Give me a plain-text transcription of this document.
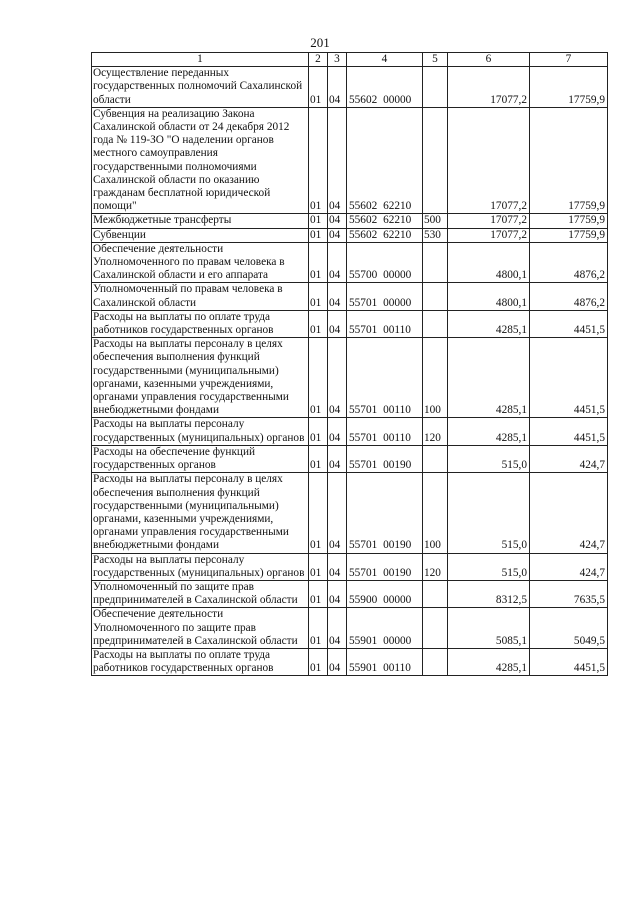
201
1	2	3	4	5	6	7
Осуществление переданных государственных полномочий Сахалинской области	01	04	55602 00000		17077,2	17759,9
Субвенция на реализацию Закона Сахалинской области от 24 декабря 2012 года № 119-ЗО "О наделении органов местного самоуправления государственными полномочиями Сахалинской области по оказанию гражданам бесплатной юридической помощи"	01	04	55602 62210		17077,2	17759,9
Межбюджетные трансферты	01	04	55602 62210	500	17077,2	17759,9
Субвенции	01	04	55602 62210	530	17077,2	17759,9
Обеспечение деятельности Уполномоченного по правам человека в Сахалинской области и его аппарата	01	04	55700 00000		4800,1	4876,2
Уполномоченный по правам человека в Сахалинской области	01	04	55701 00000		4800,1	4876,2
Расходы на выплаты по оплате труда работников государственных органов	01	04	55701 00110		4285,1	4451,5
Расходы на выплаты персоналу в целях обеспечения выполнения функций государственными (муниципальными) органами, казенными учреждениями, органами управления государственными внебюджетными фондами	01	04	55701 00110	100	4285,1	4451,5
Расходы на выплаты персоналу государственных (муниципальных) органов	01	04	55701 00110	120	4285,1	4451,5
Расходы на обеспечение функций государственных органов	01	04	55701 00190		515,0	424,7
Расходы на выплаты персоналу в целях обеспечения выполнения функций государственными (муниципальными) органами, казенными учреждениями, органами управления государственными внебюджетными фондами	01	04	55701 00190	100	515,0	424,7
Расходы на выплаты персоналу государственных (муниципальных) органов	01	04	55701 00190	120	515,0	424,7
Уполномоченный по защите прав предпринимателей в Сахалинской области	01	04	55900 00000		8312,5	7635,5
Обеспечение деятельности Уполномоченного по защите прав предпринимателей в Сахалинской области	01	04	55901 00000		5085,1	5049,5
Расходы на выплаты по оплате труда работников государственных органов	01	04	55901 00110		4285,1	4451,5
